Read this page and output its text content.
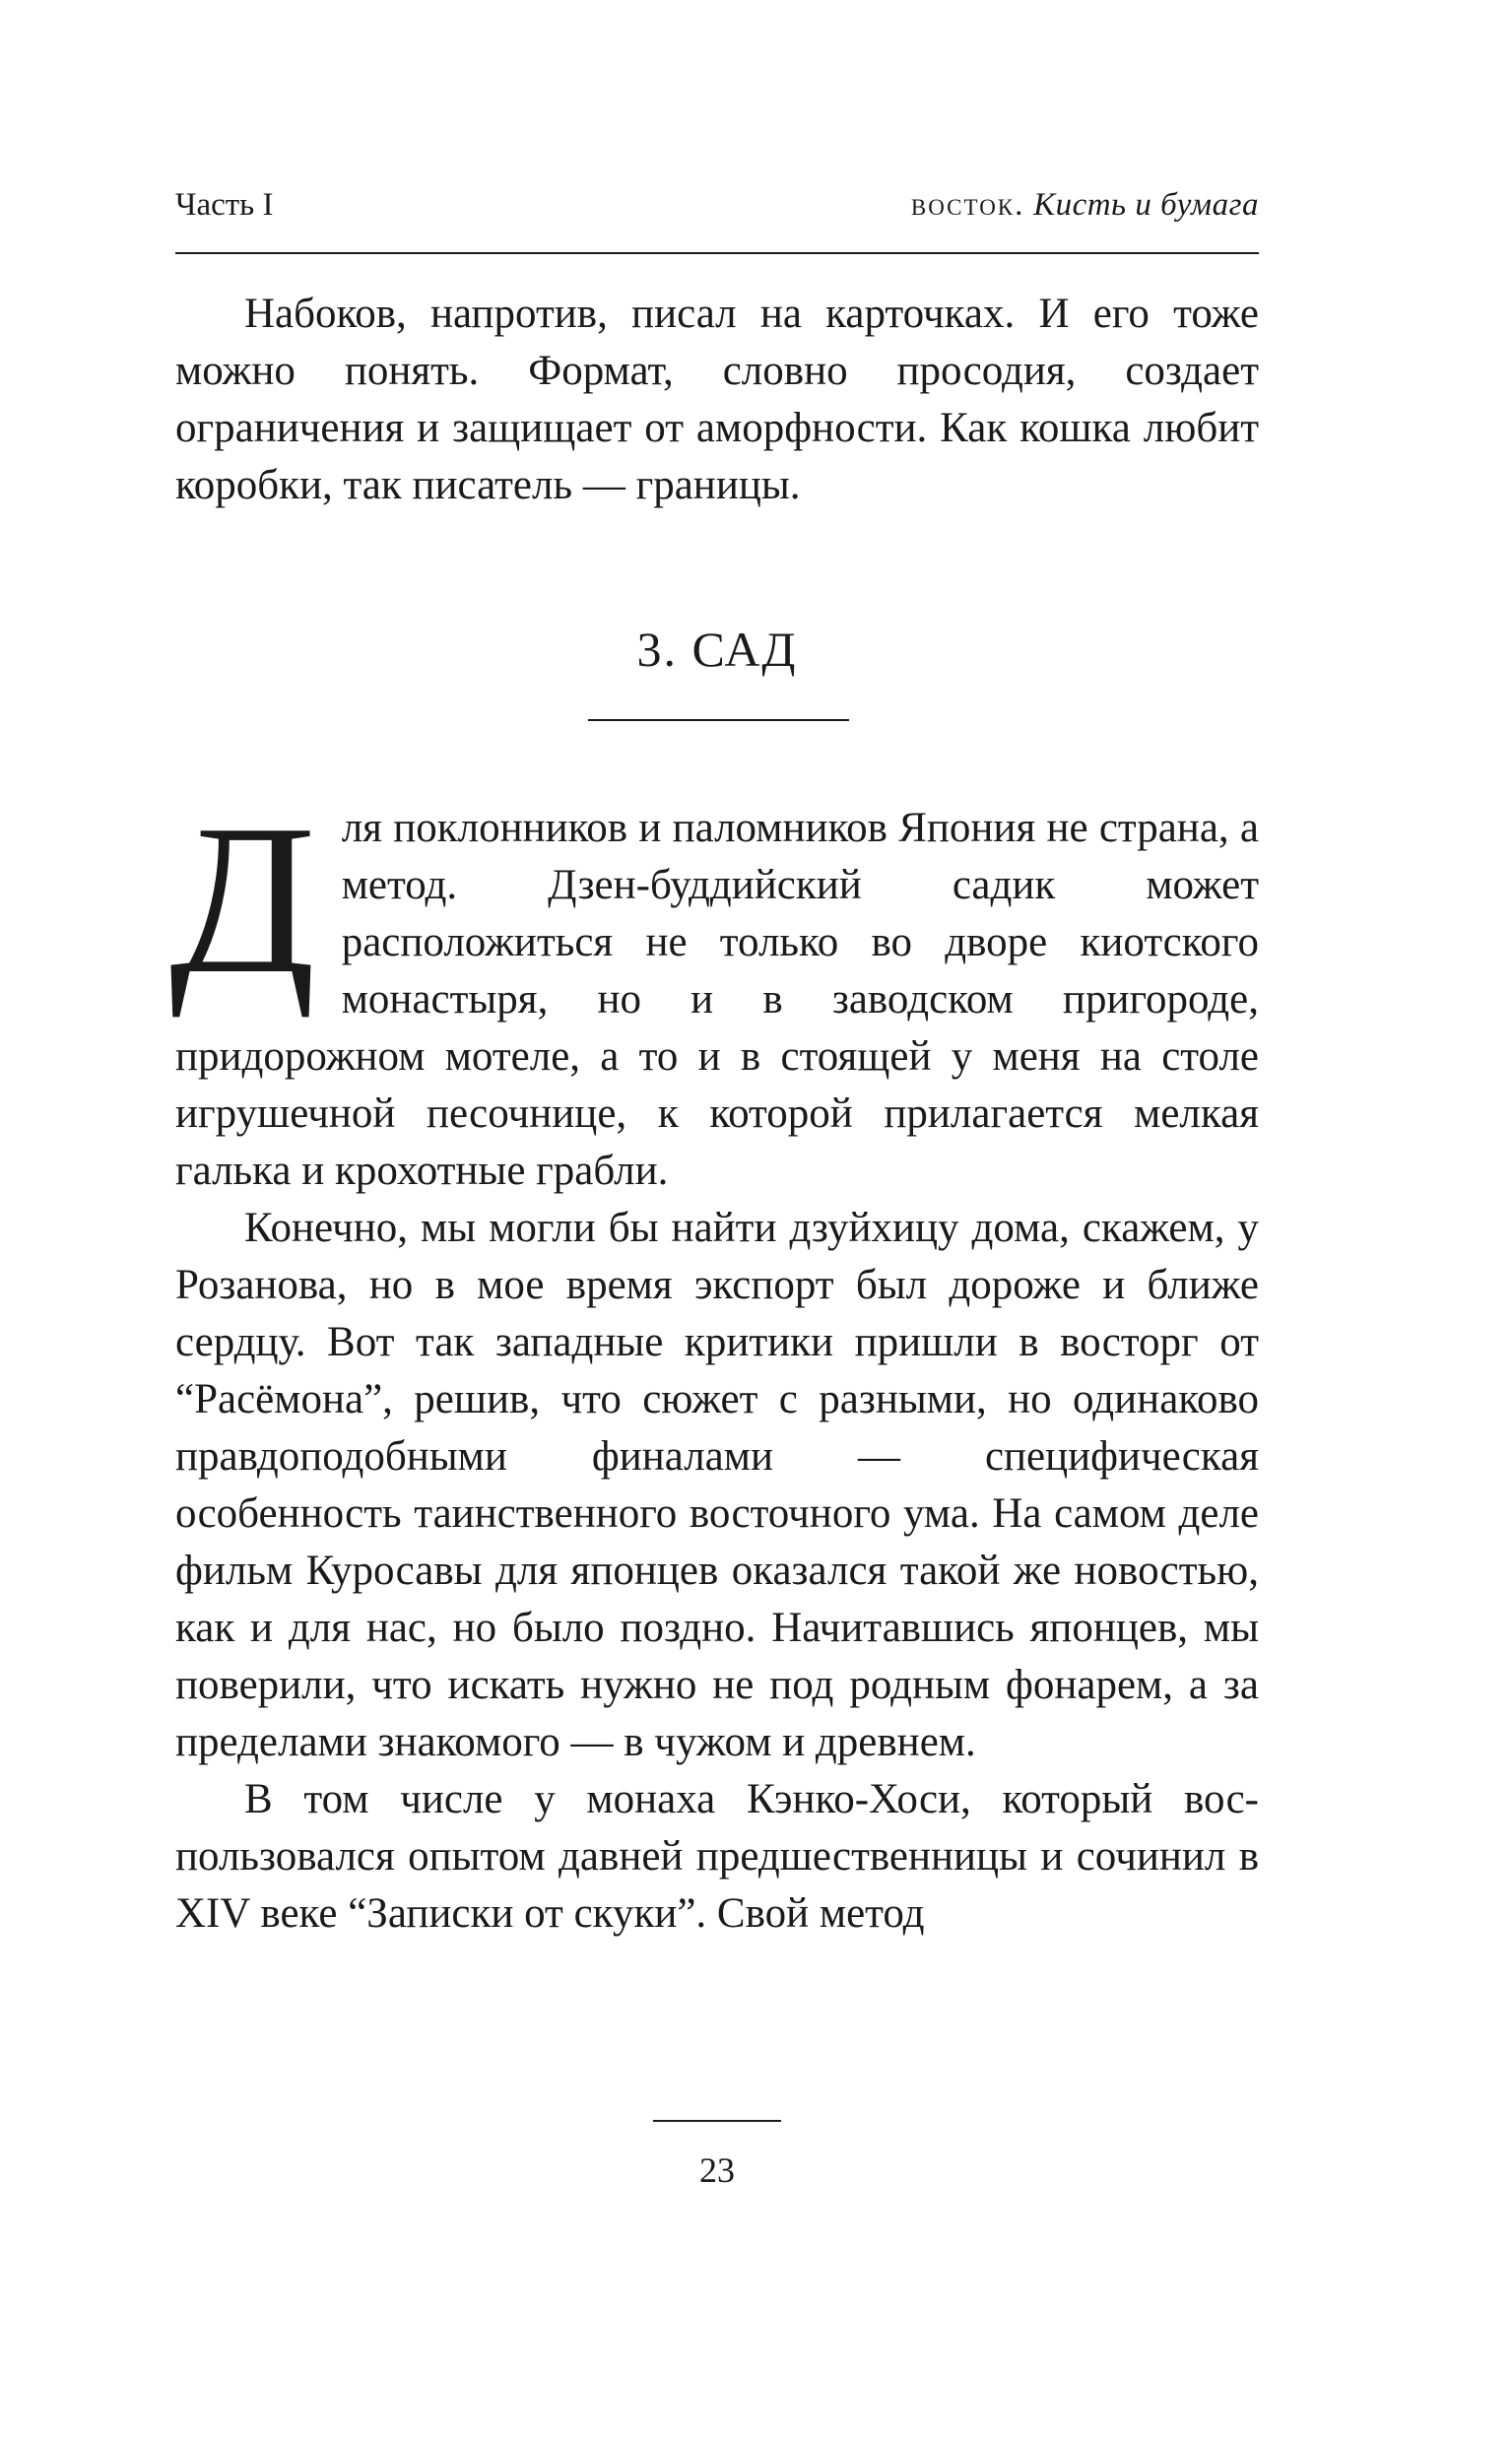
Часть I	восток. Кисть и бумага

Набоков, напротив, писал на карточках. И его тоже можно понять. Формат, словно просодия, создает ограничения и защищает от аморфности. Как кошка любит коробки, так писатель — границы.

3. САД

Для поклонников и паломников Япония не страна, а метод. Дзен-буддийский садик может расположиться не только во дворе киотского монастыря, но и в заводском пригороде, придорожном мотеле, а то и в стоящей у меня на столе игрушечной песочнице, к которой прилагается мелкая галька и крохотные грабли.

Конечно, мы могли бы найти дзуйхицу дома, скажем, у Розанова, но в мое время экспорт был дороже и ближе сердцу. Вот так западные критики пришли в восторг от “Расёмона”, решив, что сюжет с разными, но одинаково правдоподобными финалами — специфическая особенность таинственного восточного ума. На самом деле фильм Куросавы для японцев оказался такой же новостью, как и для нас, но было поздно. Начитавшись японцев, мы поверили, что искать нужно не под родным фонарем, а за пределами знакомого — в чужом и древнем.

В том числе у монаха Кэнко-Хоси, который воспользовался опытом давней предшественницы и сочинил в XIV веке “Записки от скуки”. Свой метод

23
